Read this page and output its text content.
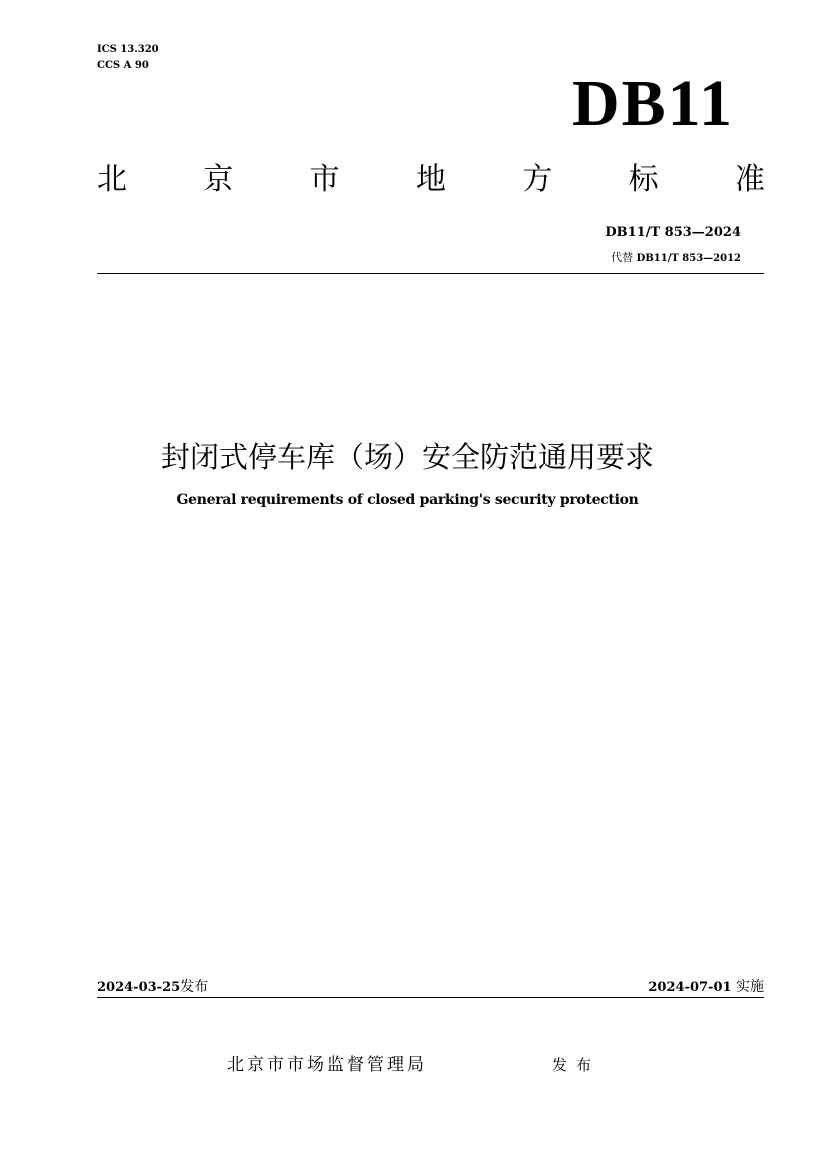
ICS 13.320
CCS A 90
DB11
北	京	市	地	方	标	准
DB11/T 853—2024
代替 DB11/T 853—2012
封闭式停车库（场）安全防范通用要求
General requirements of closed parking's security protection
2024-03-25发布	2024-07-01 实施
北京市市场监督管理局	发布
